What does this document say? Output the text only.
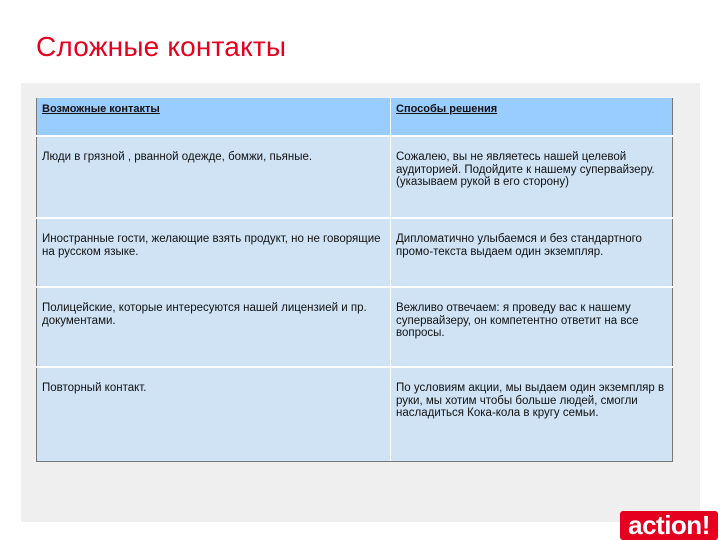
Сложные контакты
Возможные контакты	Способы решения
Люди в грязной , рванной одежде, бомжи, пьяные.	Сожалею, вы не являетесь нашей целевой аудиторией. Подойдите к нашему супервайзеру. (указываем рукой в его сторону)
Иностранные гости, желающие взять продукт, но не говорящие на русском языке.	Дипломатично улыбаемся и без стандартного промо-текста выдаем один экземпляр.
Полицейские, которые интересуются нашей лицензией и пр. документами.	Вежливо отвечаем: я проведу вас к нашему супервайзеру, он компетентно ответит на все вопросы.
Повторный контакт.	По условиям акции, мы выдаем один экземпляр в руки, мы хотим чтобы больше людей, смогли насладиться Кока-кола в кругу семьи.
action!
